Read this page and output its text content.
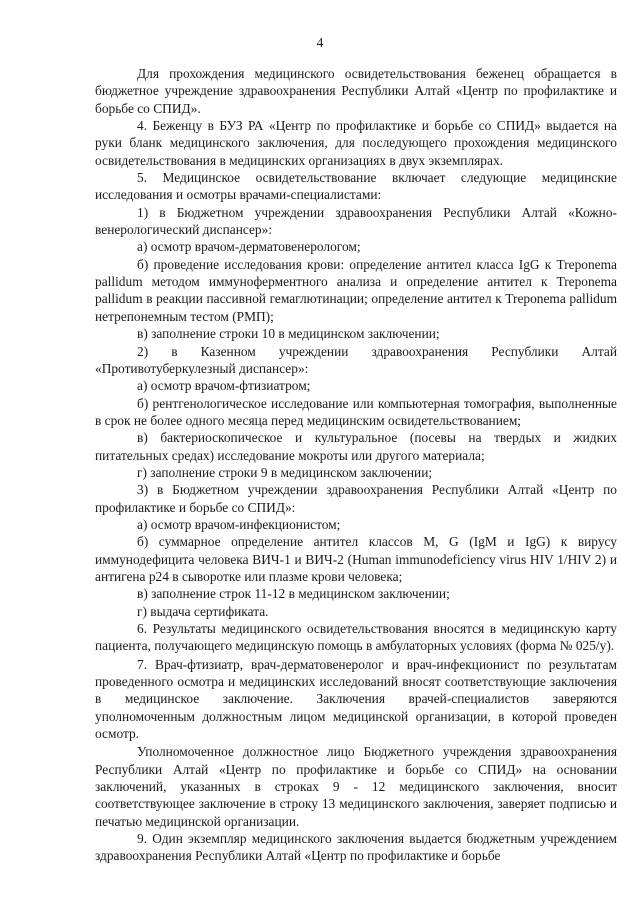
4

Для прохождения медицинского освидетельствования беженец обращается в бюджетное учреждение здравоохранения Республики Алтай «Центр по профилактике и борьбе со СПИД».

4. Беженцу в БУЗ РА «Центр по профилактике и борьбе со СПИД» выдается на руки бланк медицинского заключения, для последующего прохождения медицинского освидетельствования в медицинских организациях в двух экземплярах.

5. Медицинское освидетельствование включает следующие медицинские исследования и осмотры врачами-специалистами:

1) в Бюджетном учреждении здравоохранения Республики Алтай «Кожно-венерологический диспансер»:

а) осмотр врачом-дерматовенерологом;

б) проведение исследования крови: определение антител класса IgG к Treponema pallidum методом иммуноферментного анализа и определение антител к Treponema pallidum в реакции пассивной гемаглютинации; определение антител к Treponema pallidum нетрепонемным тестом (РМП);

в) заполнение строки 10 в медицинском заключении;

2) в Казенном учреждении здравоохранения Республики Алтай «Противотуберкулезный диспансер»:

а) осмотр врачом-фтизиатром;

б) рентгенологическое исследование или компьютерная томография, выполненные в срок не более одного месяца перед медицинским освидетельствованием;

в) бактериоскопическое и культуральное (посевы на твердых и жидких питательных средах) исследование мокроты или другого материала;

г) заполнение строки 9 в медицинском заключении;

3) в Бюджетном учреждении здравоохранения Республики Алтай «Центр по профилактике и борьбе со СПИД»:

а) осмотр врачом-инфекционистом;

б) суммарное определение антител классов M, G (IgM и IgG) к вирусу иммунодефицита человека ВИЧ-1 и ВИЧ-2 (Human immunodeficiency virus HIV 1/HIV 2) и антигена p24 в сыворотке или плазме крови человека;

в) заполнение строк 11-12 в медицинском заключении;

г) выдача сертификата.

6. Результаты медицинского освидетельствования вносятся в медицинскую карту пациента, получающего медицинскую помощь в амбулаторных условиях (форма № 025/у).

7. Врач-фтизиатр, врач-дерматовенеролог и врач-инфекционист по результатам проведенного осмотра и медицинских исследований вносят соответствующие заключения в медицинское заключение. Заключения врачей-специалистов заверяются уполномоченным должностным лицом медицинской организации, в которой проведен осмотр.

Уполномоченное должностное лицо Бюджетного учреждения здравоохранения Республики Алтай «Центр по профилактике и борьбе со СПИД» на основании заключений, указанных в строках 9 - 12 медицинского заключения, вносит соответствующее заключение в строку 13 медицинского заключения, заверяет подписью и печатью медицинской организации.

9. Один экземпляр медицинского заключения выдается бюджетным учреждением здравоохранения Республики Алтай «Центр по профилактике и борьбе
